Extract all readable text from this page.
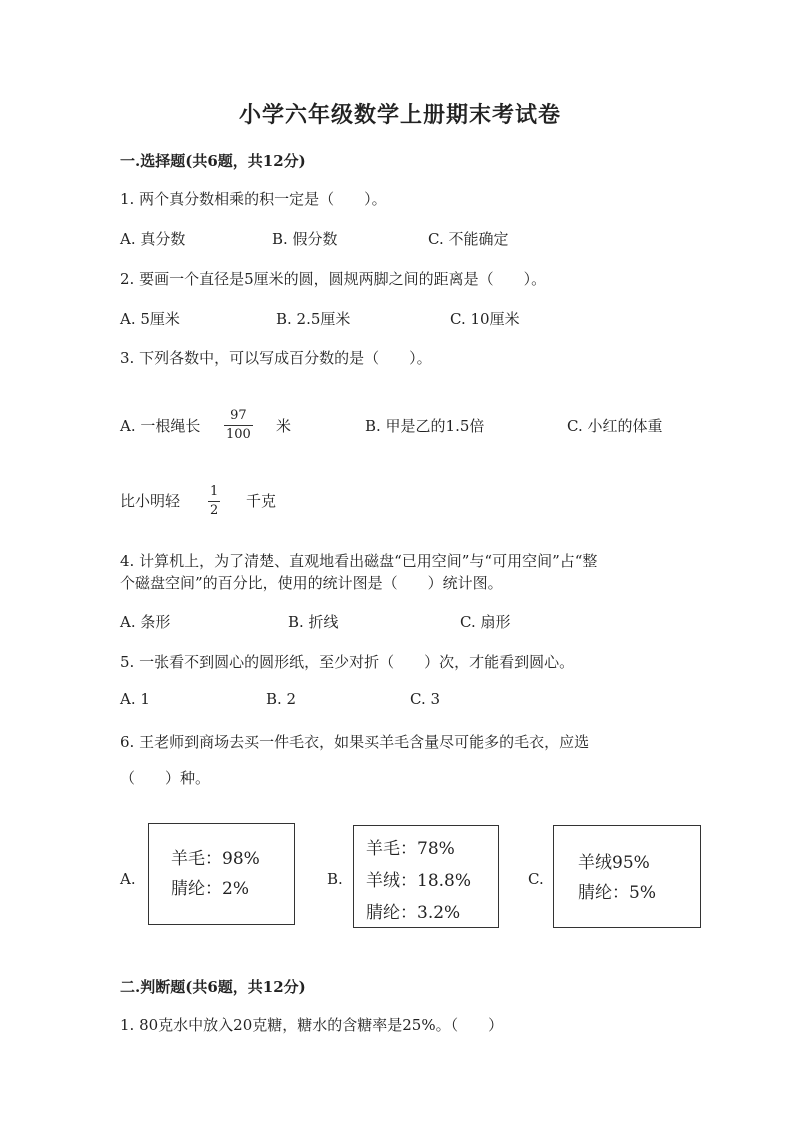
小学六年级数学上册期末考试卷
一.选择题(共6题，共12分)
1. 两个真分数相乘的积一定是（　　）。
A. 真分数	B. 假分数	C. 不能确定
2. 要画一个直径是5厘米的圆，圆规两脚之间的距离是（　　）。
A. 5厘米	B. 2.5厘米	C. 10厘米
3. 下列各数中，可以写成百分数的是（　　）。
A. 一根绳长
97
100 米	B. 甲是乙的1.5倍	C. 小红的体重
比小明轻
1
2
千克
4. 计算机上，为了清楚、直观地看出磁盘“已用空间”与“可用空间”占“整
个磁盘空间”的百分比，使用的统计图是（　　）统计图。
A. 条形	B. 折线	C. 扇形
5. 一张看不到圆心的圆形纸，至少对折（　　）次，才能看到圆心。
A. 1	B. 2	C. 3
6. 王老师到商场去买一件毛衣，如果买羊毛含量尽可能多的毛衣，应选
（　　）种。
A.
羊毛：98%
腈纶：2%	B.
羊毛：78%
羊绒：18.8%
腈纶：3.2%
C.
羊绒95%
腈纶：5%
二.判断题(共6题，共12分)
1. 80克水中放入20克糖，糖水的含糖率是25%。（　　）
